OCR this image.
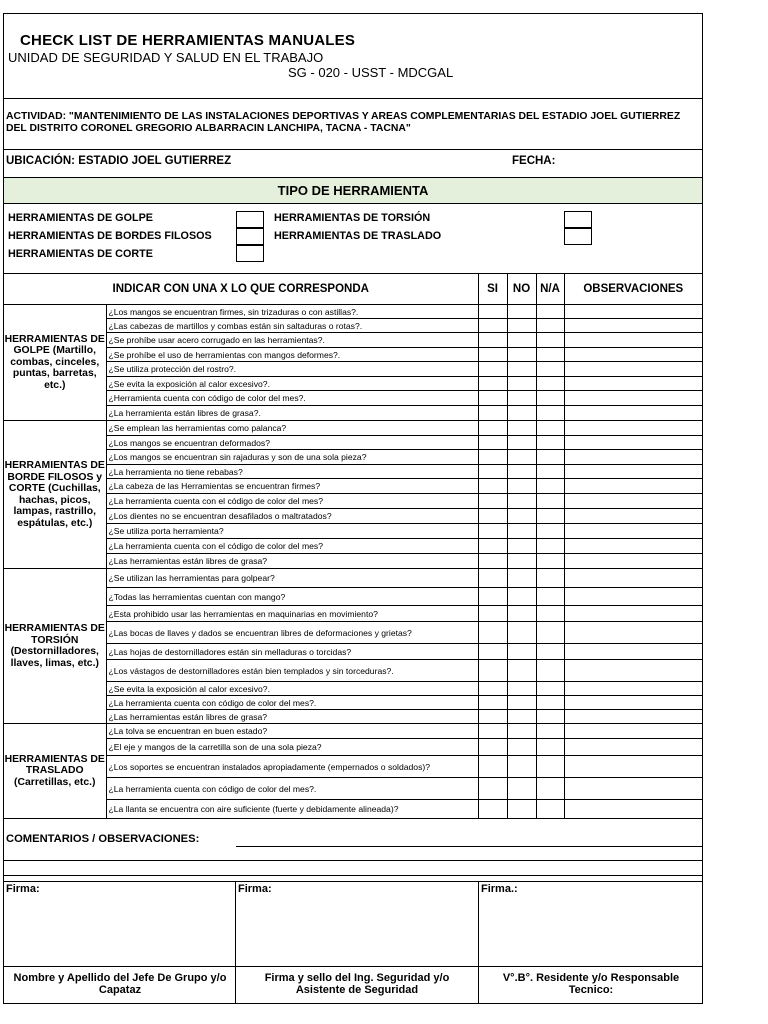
CHECK LIST DE HERRAMIENTAS MANUALES
UNIDAD DE SEGURIDAD Y SALUD EN EL TRABAJO
SG - 020 - USST - MDCGAL
ACTIVIDAD: "MANTENIMIENTO DE LAS INSTALACIONES DEPORTIVAS Y AREAS COMPLEMENTARIAS DEL ESTADIO JOEL GUTIERREZ DEL DISTRITO CORONEL GREGORIO ALBARRACIN LANCHIPA, TACNA - TACNA"
UBICACIÓN: ESTADIO JOEL GUTIERREZ	FECHA:
TIPO DE HERRAMIENTA
HERRAMIENTAS DE GOLPE
HERRAMIENTAS DE BORDES FILOSOS
HERRAMIENTAS DE CORTE
HERRAMIENTAS DE TORSIÓN
HERRAMIENTAS DE TRASLADO
INDICAR CON UNA X LO QUE CORRESPONDA		SI	NO	N/A	OBSERVACIONES
HERRAMIENTAS DE GOLPE (Martillo, combas, cinceles, puntas, barretas, etc.)	¿Los mangos se encuentran firmes, sin trizaduras o con astillas?.				
	¿Las cabezas de martillos y combas están sin saltaduras o rotas?.				
	¿Se prohíbe usar acero corrugado en las herramientas?.				
	¿Se prohíbe el uso de herramientas con mangos deformes?.				
	¿Se utiliza protección del rostro?.				
	¿Se evita la exposición al calor excesivo?.				
	¿Herramienta cuenta con código de color del mes?.				
	¿La herramienta están libres de grasa?.				
HERRAMIENTAS DE BORDE FILOSOS y CORTE (Cuchillas, hachas, picos, lampas, rastrillo, espátulas, etc.)	¿Se emplean las herramientas como palanca?				
	¿Los mangos se encuentran deformados?				
	¿Los mangos se encuentran sin rajaduras y son de una sola pieza?				
	¿La herramienta no tiene rebabas?				
	¿La cabeza de las Herramientas se encuentran firmes?				
	¿La herramienta cuenta con el código de color del mes?				
	¿Los dientes no se encuentran desafilados o maltratados?				
	¿Se utiliza porta herramienta?				
	¿La herramienta cuenta con el código de color del mes?				
	¿Las herramientas están libres de grasa?				
HERRAMIENTAS DE TORSIÓN (Destornilladores, llaves, limas, etc.)	¿Se utilizan las herramientas para golpear?				
	¿Todas las herramientas cuentan con mango?				
	¿Esta prohibido usar las herramientas en maquinarias en movimiento?				
	¿Las bocas de llaves y dados se encuentran libres de deformaciones y grietas?				
	¿Las hojas de destornilladores están sin melladuras o torcidas?				
	¿Los vástagos de destornilladores están bien templados y sin torceduras?.				
	¿Se evita la exposición al calor excesivo?.				
	¿La herramienta cuenta con código de color del mes?.				
	¿Las herramientas están libres de grasa?				
HERRAMIENTAS DE TRASLADO (Carretillas, etc.)	¿La tolva se encuentran en buen estado?				
	¿El eje y mangos de la carretilla son de una sola pieza?				
	¿Los soportes se encuentran instalados apropiadamente (empernados o soldados)?				
	¿La herramienta cuenta con código de color del mes?.				
	¿La llanta se encuentra con aire suficiente (fuerte y debidamente alineada)?				
COMENTARIOS / OBSERVACIONES:
Firma:	Firma:	Firma.:
Nombre y Apellido del Jefe De Grupo y/o Capataz
Firma y sello del Ing. Seguridad y/o Asistente de Seguridad
V°.B°. Residente y/o Responsable Tecnico:
